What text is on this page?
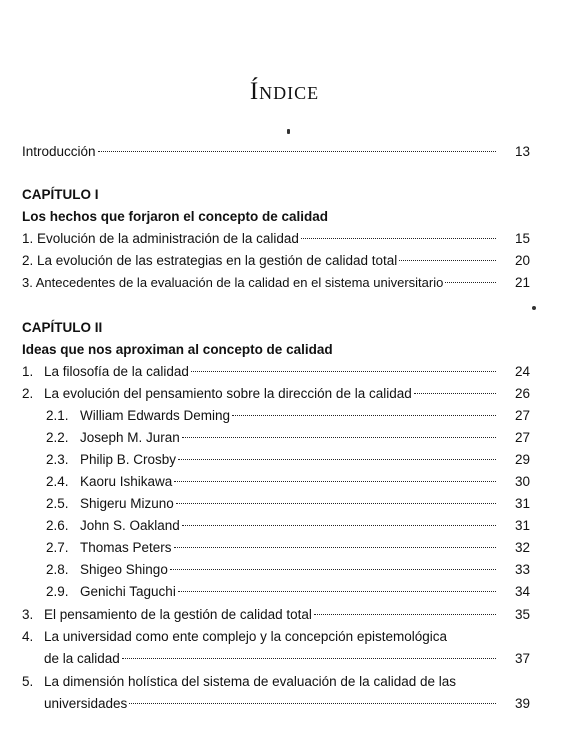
Índice
Introducción	13
CAPÍTULO I
Los hechos que forjaron el concepto de calidad
1. Evolución de la administración de la calidad	15
2. La evolución de las estrategias en la gestión de calidad total	20
3. Antecedentes de la evaluación de la calidad en el sistema universitario	21
CAPÍTULO II
Ideas que nos aproximan al concepto de calidad
1. La filosofía de la calidad	24
2. La evolución del pensamiento sobre la dirección de la calidad	26
2.1. William Edwards Deming	27
2.2. Joseph M. Juran	27
2.3. Philip B. Crosby	29
2.4. Kaoru Ishikawa	30
2.5. Shigeru Mizuno	31
2.6. John S. Oakland	31
2.7. Thomas Peters	32
2.8. Shigeo Shingo	33
2.9. Genichi Taguchi	34
3. El pensamiento de la gestión de calidad total	35
4. La universidad como ente complejo y la concepción epistemológica
de la calidad	37
5. La dimensión holística del sistema de evaluación de la calidad de las
universidades	39
